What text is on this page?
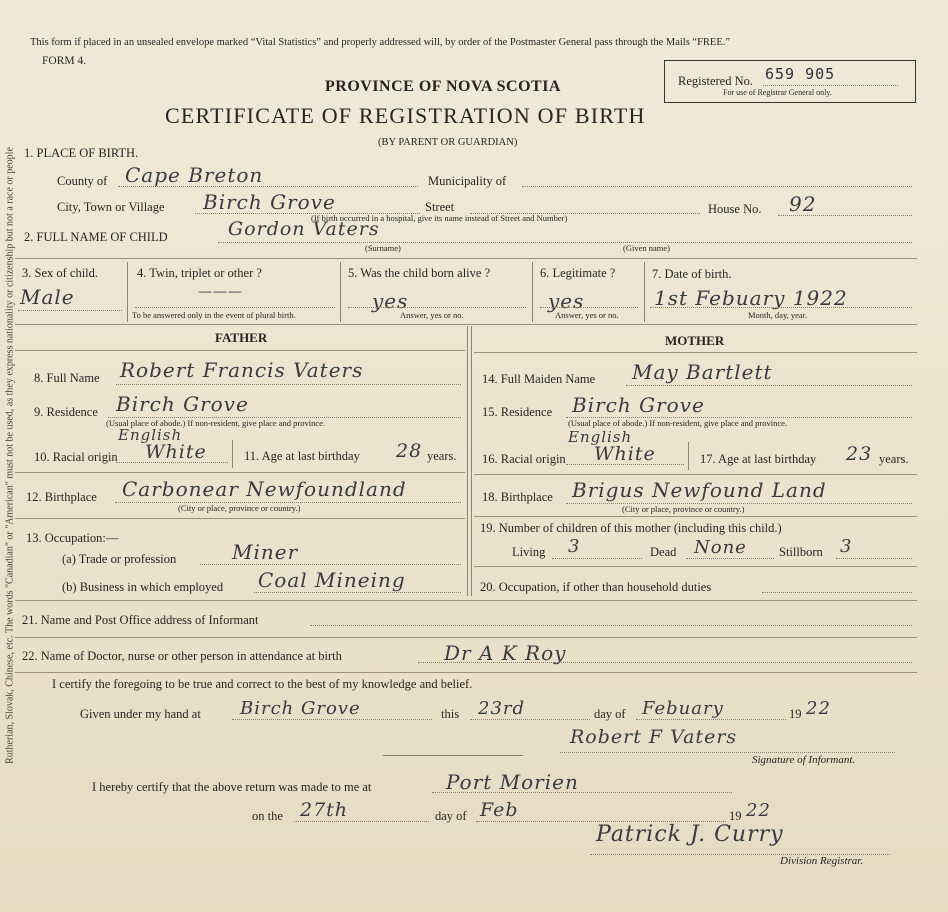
Rutherian, Slovak, Chinese, etc. The words "Canadian" or "American" must not be used, as they express nationality or citizenship but not a race or people
This form if placed in an unsealed envelope marked “Vital Statistics” and properly addressed will, by order of the Postmaster General pass through the Mails “FREE.”
FORM 4.
PROVINCE OF NOVA SCOTIA
CERTIFICATE OF REGISTRATION OF BIRTH
(BY PARENT OR GUARDIAN)
Registered No. 659 905
For use of Registrar General only.
1. PLACE OF BIRTH.
County of Cape Breton	Municipality of
City, Town or Village Birch Grove	Street
(If birth occurred in a hospital, give its name instead of Street and Number)
House No. 92
2. FULL NAME OF CHILD	Gordon Vaters
(Surname)	(Given name)
3. Sex of child.
Male
4. Twin, triplet or other ?
———
To be answered only in the event of plural birth.
5. Was the child born alive ?
yes
Answer, yes or no.
6. Legitimate ?
yes
Answer, yes or no.
7. Date of birth.
1st Febuary 1922
Month, day, year.
FATHER
8. Full Name Robert Francis Vaters
9. Residence Birch Grove
(Usual place of abode.) If non-resident, give place and province.
10. Racial origin
English
White	11. Age at last birthday 28 years.
12. Birthplace Carbonear Newfoundland
(City or place, province or country.)
13. Occupation:—
(a) Trade or profession	Miner
(b) Business in which employed Coal Mineing
MOTHER
14. Full Maiden Name May Bartlett
15. Residence Birch Grove
(Usual place of abode.) If non-resident, give place and province.
16. Racial origin
English
White	17. Age at last birthday 23 years.
18. Birthplace Brigus Newfound Land
(City or place, province or country.)
19. Number of children of this mother (including this child.)
Living 3	Dead None	Stillborn 3
20. Occupation, if other than household duties
21. Name and Post Office address of Informant
22. Name of Doctor, nurse or other person in attendance at birth	Dr A K Roy
I certify the foregoing to be true and correct to the best of my knowledge and belief.
Given under my hand at Birch Grove	this 23rd	day of Febuary	19 22
Robert F Vaters
Signature of Informant.
I hereby certify that the above return was made to me at	Port Morien
on the 27th	day of Feb	19 22
Patrick J. Curry
Division Registrar.
